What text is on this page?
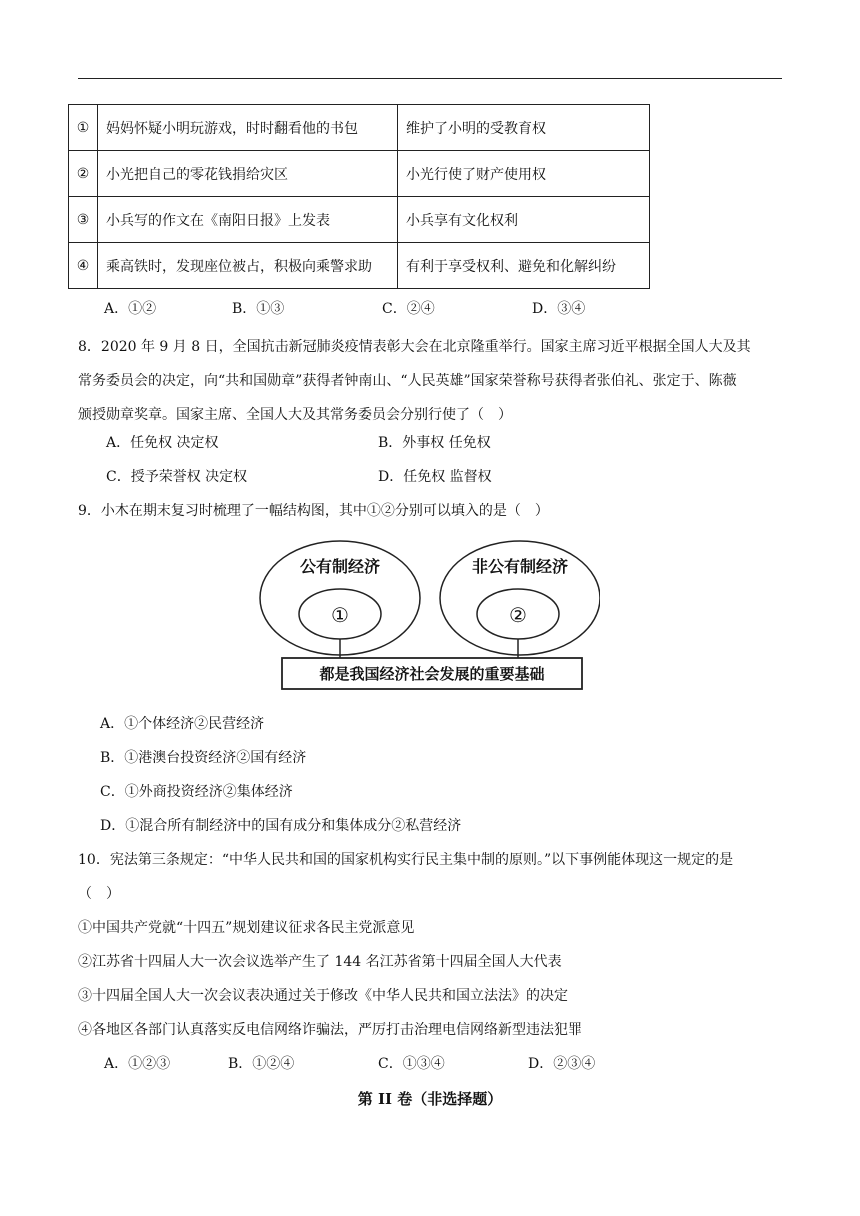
①	妈妈怀疑小明玩游戏，时时翻看他的书包	维护了小明的受教育权
②	小光把自己的零花钱捐给灾区	小光行使了财产使用权
③	小兵写的作文在《南阳日报》上发表	小兵享有文化权利
④	乘高铁时，发现座位被占，积极向乘警求助	有利于享受权利、避免和化解纠纷
A．①②	B．①③	C．②④	D．③④
8．2020 年 9 月 8 日，全国抗击新冠肺炎疫情表彰大会在北京隆重举行。国家主席习近平根据全国人大及其
常务委员会的决定，向“共和国勋章”获得者钟南山、“人民英雄”国家荣誉称号获得者张伯礼、张定于、陈薇
颁授勋章奖章。国家主席、全国人大及其常务委员会分别行使了（　）
A．任免权 决定权	B．外事权 任免权
C．授予荣誉权 决定权	D．任免权 监督权
9．小木在期末复习时梳理了一幅结构图，其中①②分别可以填入的是（　）
公有制经济	非公有制经济
①	②
都是我国经济社会发展的重要基础
A．①个体经济②民营经济
B．①港澳台投资经济②国有经济
C．①外商投资经济②集体经济
D．①混合所有制经济中的国有成分和集体成分②私营经济
10．宪法第三条规定：“中华人民共和国的国家机构实行民主集中制的原则。”以下事例能体现这一规定的是
（　）
①中国共产党就“十四五”规划建议征求各民主党派意见
②江苏省十四届人大一次会议选举产生了 144 名江苏省第十四届全国人大代表
③十四届全国人大一次会议表决通过关于修改《中华人民共和国立法法》的决定
④各地区各部门认真落实反电信网络诈骗法，严厉打击治理电信网络新型违法犯罪
A．①②③	B．①②④	C．①③④	D．②③④
第 II 卷（非选择题）
